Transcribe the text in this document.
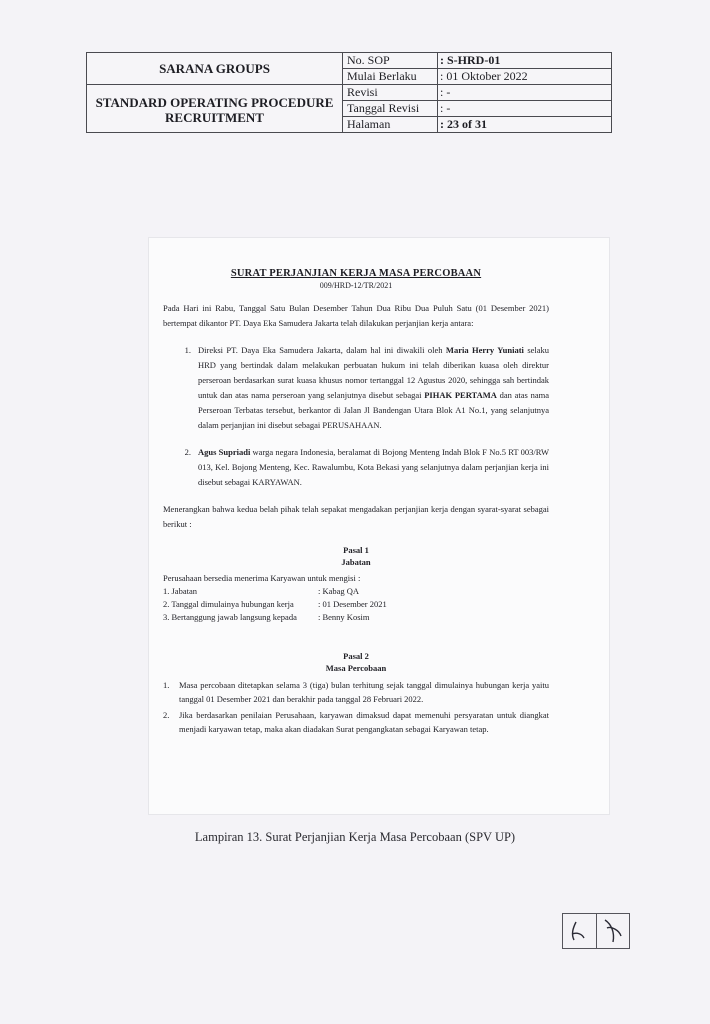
SARANA GROUPS	No. SOP	: S-HRD-01
	Mulai Berlaku	: 01 Oktober 2022

STANDARD OPERATING PROCEDURE
RECRUITMENT	Revisi	: -
	Tanggal Revisi	: -
	Halaman	: 23 of 31
SURAT PERJANJIAN KERJA MASA PERCOBAAN
009/HRD-12/TR/2021

Pada Hari ini Rabu, Tanggal Satu Bulan Desember Tahun Dua Ribu Dua Puluh Satu (01 Desember 2021) bertempat dikantor PT. Daya Eka Samudera Jakarta telah dilakukan perjanjian kerja antara:

1. Direksi PT. Daya Eka Samudera Jakarta, dalam hal ini diwakili oleh Maria Herry Yuniati selaku HRD yang bertindak dalam melakukan perbuatan hukum ini telah diberikan kuasa oleh direktur perseroan berdasarkan surat kuasa khusus nomor tertanggal 12 Agustus 2020, sehingga sah bertindak untuk dan atas nama perseroan yang selanjutnya disebut sebagai PIHAK PERTAMA dan atas nama Perseroan Terbatas tersebut, berkantor di Jalan Jl Bandengan Utara Blok A1 No.1, yang selanjutnya dalam perjanjian ini disebut sebagai PERUSAHAAN.
2. Agus Supriadi warga negara Indonesia, beralamat di Bojong Menteng Indah Blok F No.5 RT 003/RW 013, Kel. Bojong Menteng, Kec. Rawalumbu, Kota Bekasi yang selanjutnya dalam perjanjian kerja ini disebut sebagai KARYAWAN.

Menerangkan bahwa kedua belah pihak telah sepakat mengadakan perjanjian kerja dengan syarat-syarat sebagai berikut :

Pasal 1
Jabatan
Perusahaan bersedia menerima Karyawan untuk mengisi :
1. Jabatan	: Kabag QA
2. Tanggal dimulainya hubungan kerja	: 01 Desember 2021
3. Bertanggung jawab langsung kepada	: Benny Kosim
Pasal 2
Masa Percobaan
1.	Masa percobaan ditetapkan selama 3 (tiga) bulan terhitung sejak tanggal dimulainya hubungan kerja yaitu tanggal 01 Desember 2021 dan berakhir pada tanggal 28 Februari 2022.
2.	Jika berdasarkan penilaian Perusahaan, karyawan dimaksud dapat memenuhi persyaratan untuk diangkat menjadi karyawan tetap, maka akan diadakan Surat pengangkatan sebagai Karyawan tetap.
Lampiran 13. Surat Perjanjian Kerja Masa Percobaan (SPV UP)
